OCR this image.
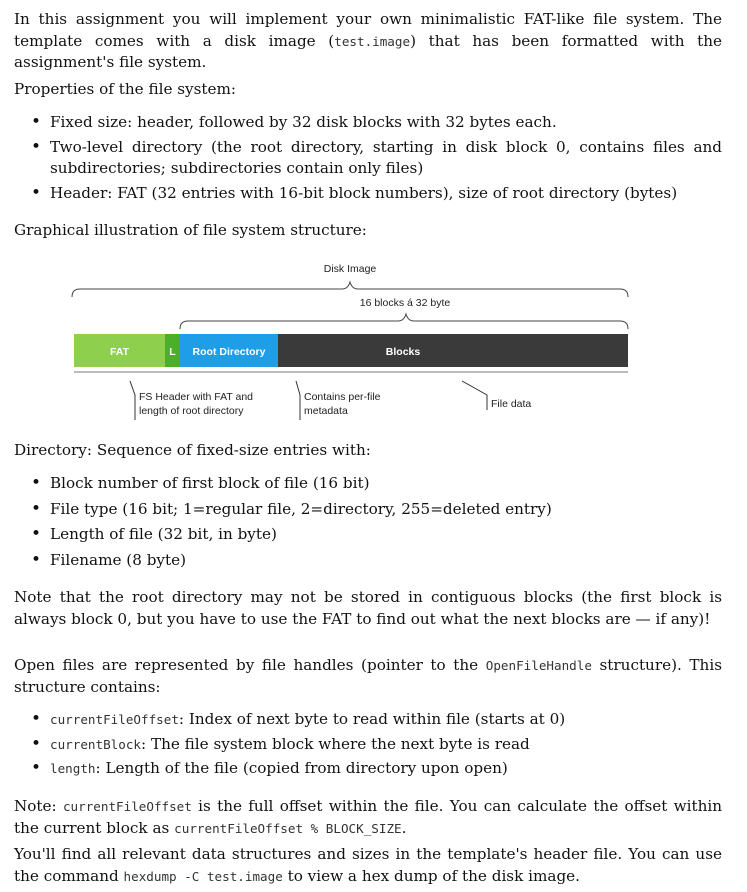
In this assignment you will implement your own minimalistic FAT-like file system. The template comes with a disk image (test.image) that has been formatted with the assignment's file system.

Properties of the file system:

• Fixed size: header, followed by 32 disk blocks with 32 bytes each.
• Two-level directory (the root directory, starting in disk block 0, contains files and subdirectories; subdirectories contain only files)
• Header: FAT (32 entries with 16-bit block numbers), size of root directory (bytes)

Graphical illustration of file system structure:

Disk Image
16 blocks á 32 byte
FAT	L Root Directory	Blocks
FS Header with FAT and
length of root directory
Contains per-file
metadata
File data

Directory: Sequence of fixed-size entries with:

• Block number of first block of file (16 bit)
• File type (16 bit; 1=regular file, 2=directory, 255=deleted entry)
• Length of file (32 bit, in byte)
• Filename (8 byte)

Note that the root directory may not be stored in contiguous blocks (the first block is always block 0, but you have to use the FAT to find out what the next blocks are — if any)!

Open files are represented by file handles (pointer to the OpenFileHandle structure). This structure contains:

• currentFileOffset: Index of next byte to read within file (starts at 0)
• currentBlock: The file system block where the next byte is read
• length: Length of the file (copied from directory upon open)

Note: currentFileOffset is the full offset within the file. You can calculate the offset within the current block as currentFileOffset % BLOCK_SIZE.

You'll find all relevant data structures and sizes in the template's header file. You can use the command hexdump -C test.image to view a hex dump of the disk image.
